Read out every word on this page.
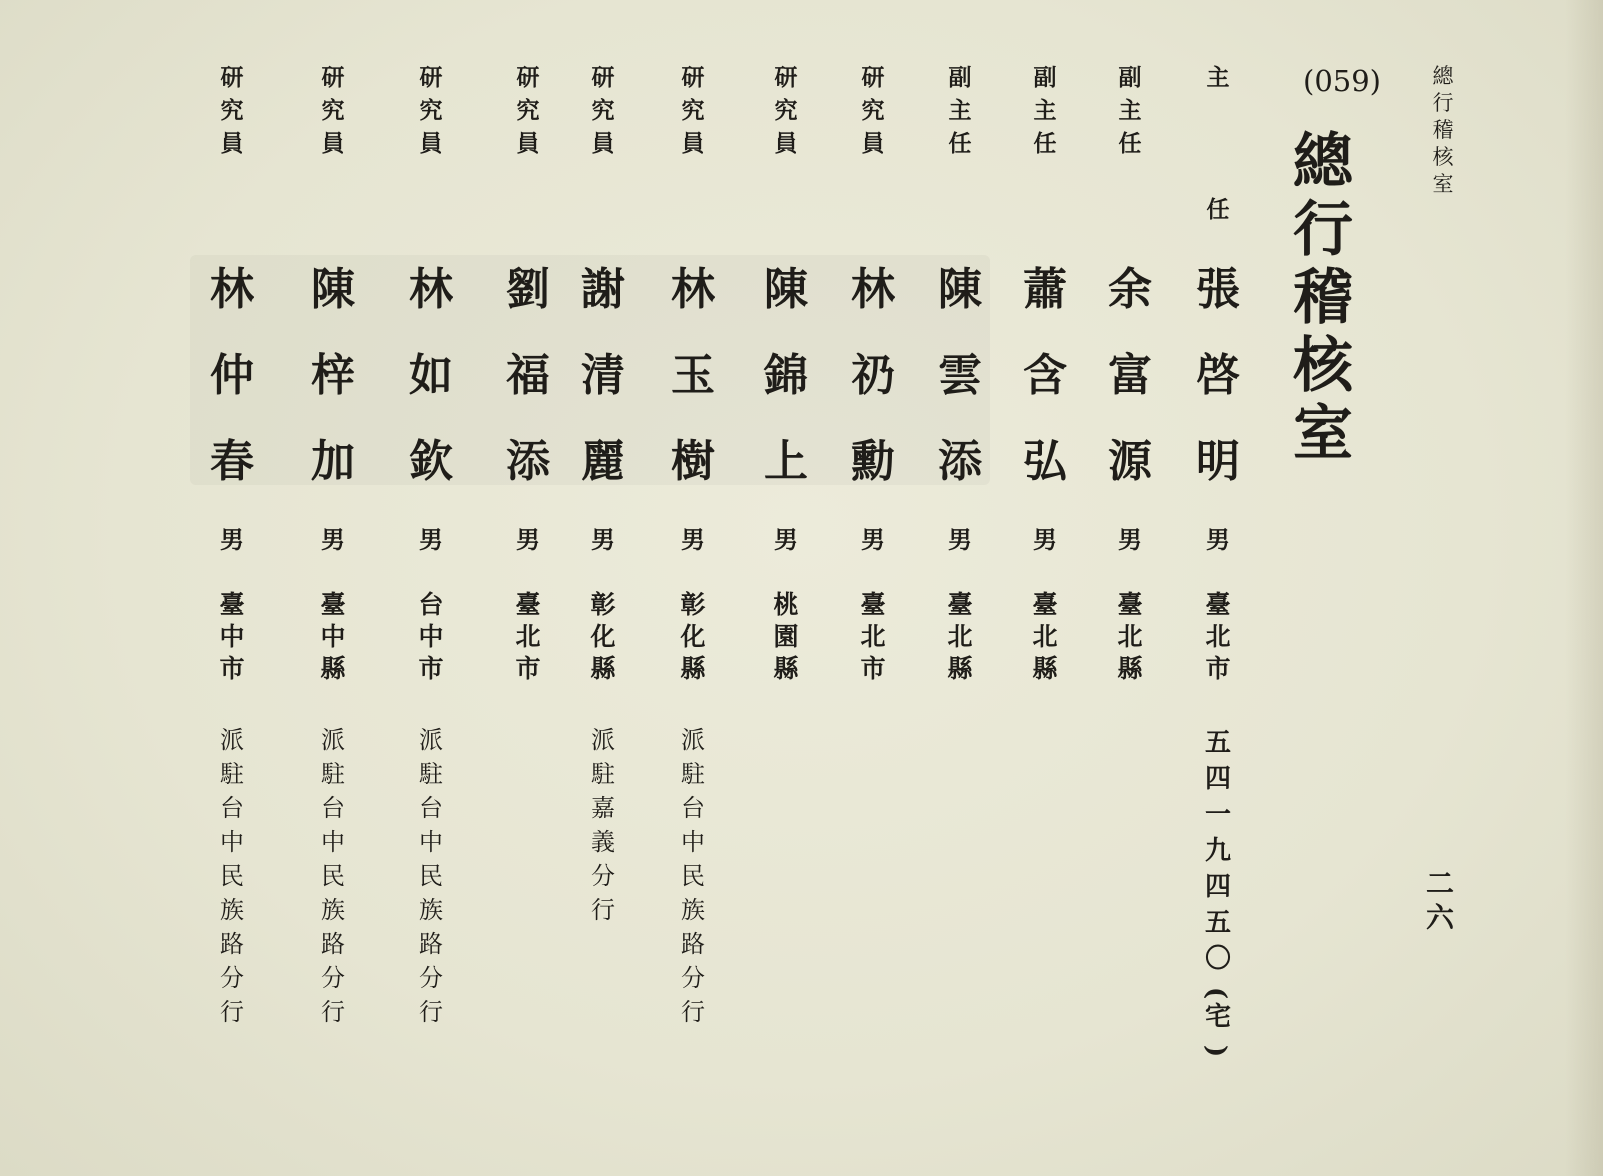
總
行
稽
核
室
(059)
總
行
稽
核
室
主
任
張
啓
明
男
臺
北
市
五
四
一
九
四
五
〇
(
宅
)
副
主
任
余
富
源
男
臺
北
縣
副
主
任
蕭
含
弘
男
臺
北
縣
副
主
任
陳
雲
添
男
臺
北
縣
研
究
員
林
礽
勳
男
臺
北
市
研
究
員
陳
錦
上
男
桃
園
縣
研
究
員
林
玉
樹
男
彰
化
縣
派
駐
台
中
民
族
路
分
行
研
究
員
謝
清
麗
男
彰
化
縣
派
駐
嘉
義
分
行
研
究
員
劉
福
添
男
臺
北
市
研
究
員
林
如
欽
男
台
中
市
派
駐
台
中
民
族
路
分
行
研
究
員
陳
梓
加
男
臺
中
縣
派
駐
台
中
民
族
路
分
行
研
究
員
林
仲
春
男
臺
中
市
派
駐
台
中
民
族
路
分
行
二
六
